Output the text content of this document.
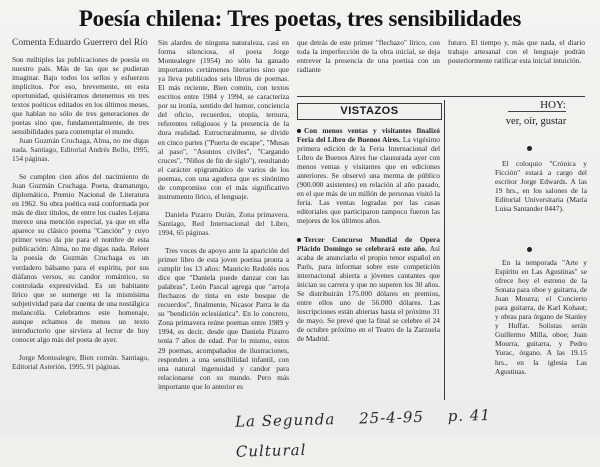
Poesía chilena: Tres poetas, tres sensibilidades
Comenta Eduardo Guerrero del Río

Son múltiples las publicaciones de poesía en nuestro país. Más de las que se pudieran imaginar. Bajo todos los sellos y esfuerzos implícitos. Por eso, brevemente, en esta oportunidad, quisiéramos detenernos en tres textos poéticos editados en los últimos meses, que hablan no sólo de tres generaciones de poetas sino que, fundamentalmente, de tres sensibilidades para contemplar el mundo.

Juan Guzmán Cruchaga, Alma, no me digas nada. Santiago, Editorial Andrés Bello, 1995, 154 páginas.

Se cumplen cien años del nacimiento de Juan Guzmán Cruchaga. Poeta, dramaturgo, diplomático, Premio Nacional de Literatura en 1962. Su obra poética está conformada por más de diez títulos, de entre los cuales Lejana merece una mención especial, ya que en ella aparece su clásico poema "Canción" y cuyo primer verso da pie para el nombre de esta publicación: Alma, no me digas nada. Releer la poesía de Guzmán Cruchaga es un verdadero bálsamo para el espíritu, por sus diáfanos versos, su candor romántico, su controlada expresividad. Es un habitante lírico que se sumerge en la mismísima subjetividad para dar cuenta de una nostálgica melancolía. Celebramos este homenaje, aunque echamos de menos un texto introductorio que sirviera al lector de hoy conocer algo más del poeta de ayer.

Jorge Montealegre, Bien común. Santiago, Editorial Asterión, 1995, 91 páginas.

Sin alardes de ninguna naturaleza, casi en forma silenciosa, el poeta Jorge Montealegre (1954) no sólo ha ganado importantes certámenes literarios sino que ya lleva publicados seis libros de poemas. El más reciente, Bien común, con textos escritos entre 1984 y 1994, se caracteriza por su ironía, sentido del humor, conciencia del oficio, recuerdos, utopía, ternura, referentes religiosos y la presencia de la dura realidad. Estructuralmente, se divide en cinco partes ("Puerta de escape", "Musas al paso", "Asuntos civiles", "Cargando cruces", "Niños de fin de siglo"), resultando el carácter epigramático de varios de los poemas, con una agudeza que es sinónimo de compromiso con el más significativo instrumento lírico, el lenguaje.

Daniela Pizarro Durán, Zona primavera. Santiago, Red Internacional del Libro, 1994, 65 páginas.

Tres voces de apoyo ante la aparición del primer libro de esta joven poetisa pronta a cumplir los 13 años: Mauricio Redolés nos dice que "Daniela puede danzar con las palabras", León Pascal agrega que "arroja flechazos de tinta en este bosque de recuerdos", finalmente, Nicasor Parra le da su "bendición eclesiástica". En lo concreto, Zona primavera reúne poemas entre 1989 y 1994, es decir, desde que Daniela Pizarro tenía 7 años de edad. Por lo mismo, estos 29 poemas, acompañados de ilustraciones, responden a una sensibilidad infantil, con una natural ingenuidad y candor para relacionarse con su mundo. Pero más importante que lo anterior es

que detrás de este primer "flechazo" lírico, con toda la imperfección de la obra inicial, se deja entrever la presencia de una poetisa con un radiante

futuro. El tiempo y, más que nada, el diario trabajo artesanal con el lenguaje podrán posteriormente ratificar esta inicial intuición.

VISTAZOS

Con menos ventas y visitantes finalizó Feria del Libro de Buenos Aires. La vigésimo primera edición de la Feria Internacional del Libro de Buenos Aires fue clausurada ayer con menos ventas y visitantes que en ediciones anteriores. Se observó una merma de público (900.000 asistentes) en relación al año pasado, en el que más de un millón de personas visitó la feria. Las ventas logradas por las casas editoriales que participaron tampoco fueron las mejores de los últimos años.

Tercer Concurso Mundial de Opera Plácido Domingo se celebrará este año. Así acaba de anunciarlo el propio tenor español en París, para informar sobre este competición internacional abierta a jóvenes cantantes que inician su carrera y que no superen los 30 años. Se distribuirán 175.000 dólares en premios, entre ellos uno de 56.000 dólares. Las inscripciones están abiertas hasta el próximo 31 de mayo. Se prevé que la final se celebre el 24 de octubre próximo en el Teatro de la Zarzuela de Madrid.

HOY:
ver, oír, gustar

El coloquio "Crónica y Ficción" estará a cargo del escritor Jorge Edwards. A las 19 hrs., en los salones de la Editorial Universitaria (María Luisa Santander 0447).

En la temporada "Arte y Espíritu en Las Agustinas" se ofrece hoy el estreno de la Sonata para oboe y guitarra, de Juan Mourra; el Concierto para guitarra, de Karl Kohaut; y obras para órgano de Stanley y Huffat. Solistas serán Guillermo Milla, oboe; Juan Mourra, guitarra, y Pedro Yurac, órgano. A las 19.15 hrs., en la iglesia Las Agustinas.

La Segunda 25-4-95 p. 41 Cultural
